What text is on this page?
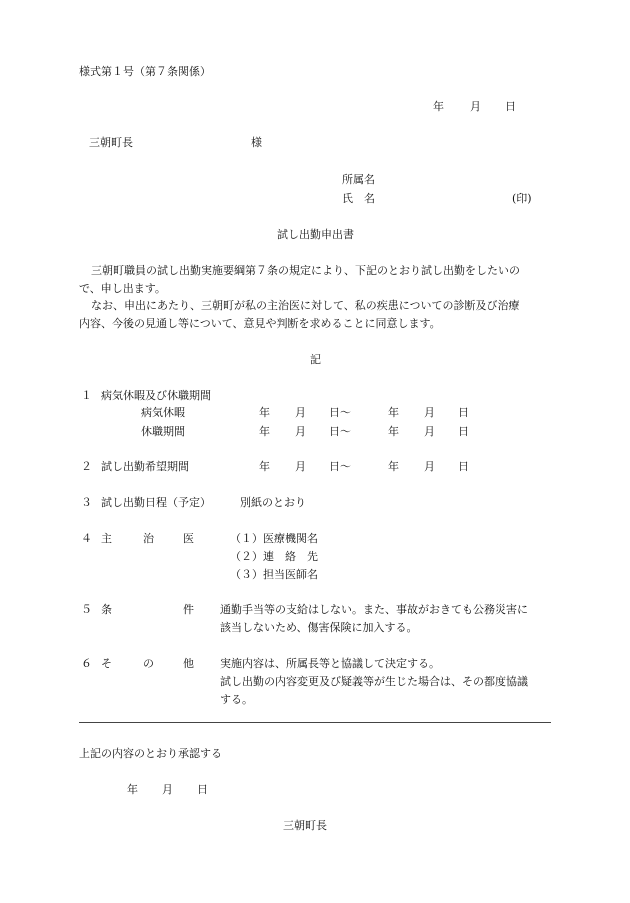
様式第１号（第７条関係）
年 月 日
三朝町長	様
所属名
氏　名	(印)
試し出勤申出書
三朝町職員の試し出勤実施要綱第７条の規定により、下記のとおり試し出勤をしたいの
で、申し出ます。
なお、申出にあたり、三朝町が私の主治医に対して、私の疾患についての診断及び治療
内容、今後の見通し等について、意見や判断を求めることに同意します。
記
１ 病気休暇及び休職期間
病気休暇	年 月 日～	年 月 日
休職期間	年 月 日～	年 月 日
２ 試し出勤希望期間	年 月 日～	年 月 日
３ 試し出勤日程（予定）	別紙のとおり
４ 主	治	医	（１）医療機関名
（２）連　絡　先
（３）担当医師名
５ 条	件 通勤手当等の支給はしない。また、事故がおきても公務災害に
該当しないため、傷害保険に加入する。
６ そ	の	他 実施内容は、所属長等と協議して決定する。
試し出勤の内容変更及び疑義等が生じた場合は、その都度協議
する。
上記の内容のとおり承認する
年 月 日
三朝町長
